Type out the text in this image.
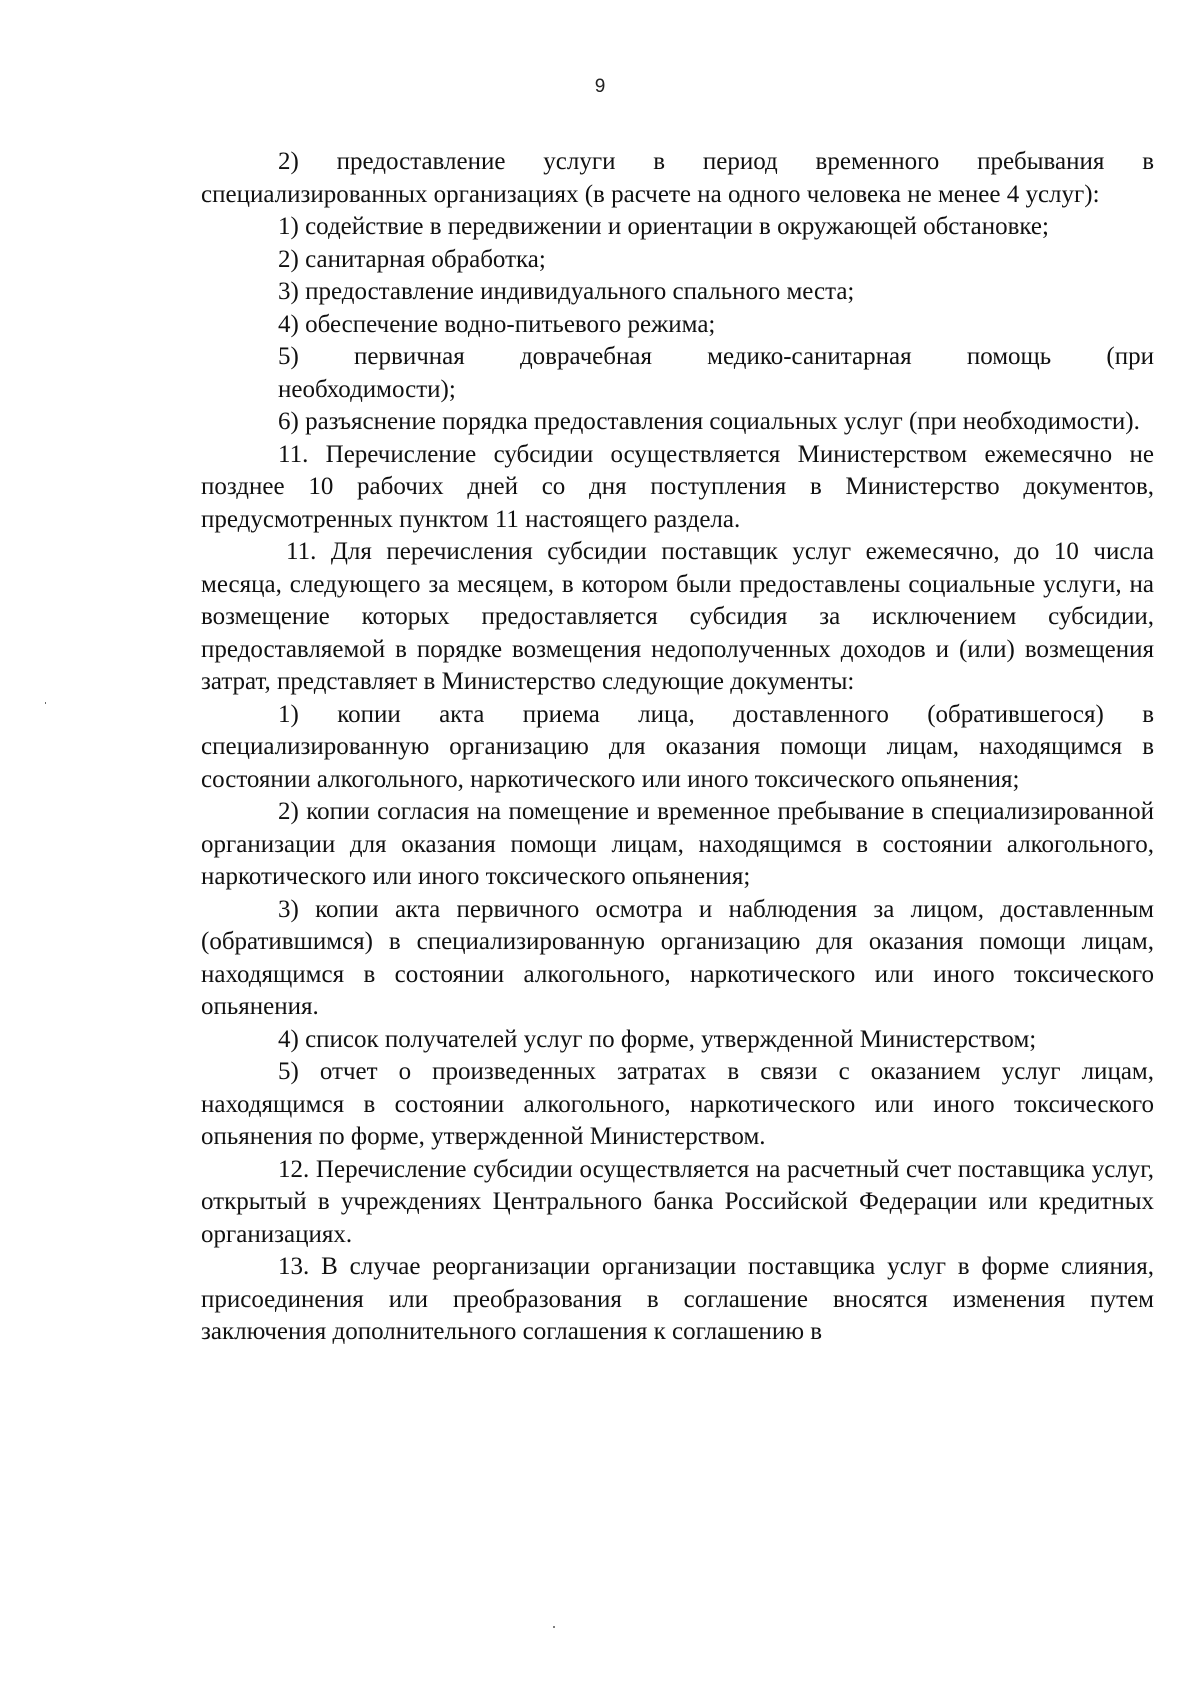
9

2) предоставление услуги в период временного пребывания в специализированных организациях (в расчете на одного человека не менее 4 услуг):

1) содействие в передвижении и ориентации в окружающей обстановке;

2) санитарная обработка;

3) предоставление индивидуального спального места;

4) обеспечение водно-питьевого режима;

5) первичная доврачебная медико-санитарная помощь (при

необходимости);

6) разъяснение порядка предоставления социальных услуг (при необходимости).

11. Перечисление субсидии осуществляется Министерством ежемесячно не позднее 10 рабочих дней со дня поступления в Министерство документов, предусмотренных пунктом 11 настоящего раздела.

11. Для перечисления субсидии поставщик услуг ежемесячно, до 10 числа месяца, следующего за месяцем, в котором были предоставлены социальные услуги, на возмещение которых предоставляется субсидия за исключением субсидии, предоставляемой в порядке возмещения недополученных доходов и (или) возмещения затрат, представляет в Министерство следующие документы:

1) копии акта приема лица, доставленного (обратившегося) в специализированную организацию для оказания помощи лицам, находящимся в состоянии алкогольного, наркотического или иного токсического опьянения;

2) копии согласия на помещение и временное пребывание в специализированной организации для оказания помощи лицам, находящимся в состоянии алкогольного, наркотического или иного токсического опьянения;

3) копии акта первичного осмотра и наблюдения за лицом, доставленным (обратившимся) в специализированную организацию для оказания помощи лицам, находящимся в состоянии алкогольного, наркотического или иного токсического опьянения.

4) список получателей услуг по форме, утвержденной Министерством;

5) отчет о произведенных затратах в связи с оказанием услуг лицам, находящимся в состоянии алкогольного, наркотического или иного токсического опьянения по форме, утвержденной Министерством.

12. Перечисление субсидии осуществляется на расчетный счет поставщика услуг, открытый в учреждениях Центрального банка Российской Федерации или кредитных организациях.

13. В случае реорганизации организации поставщика услуг в форме слияния, присоединения или преобразования в соглашение вносятся изменения путем заключения дополнительного соглашения к соглашению в
